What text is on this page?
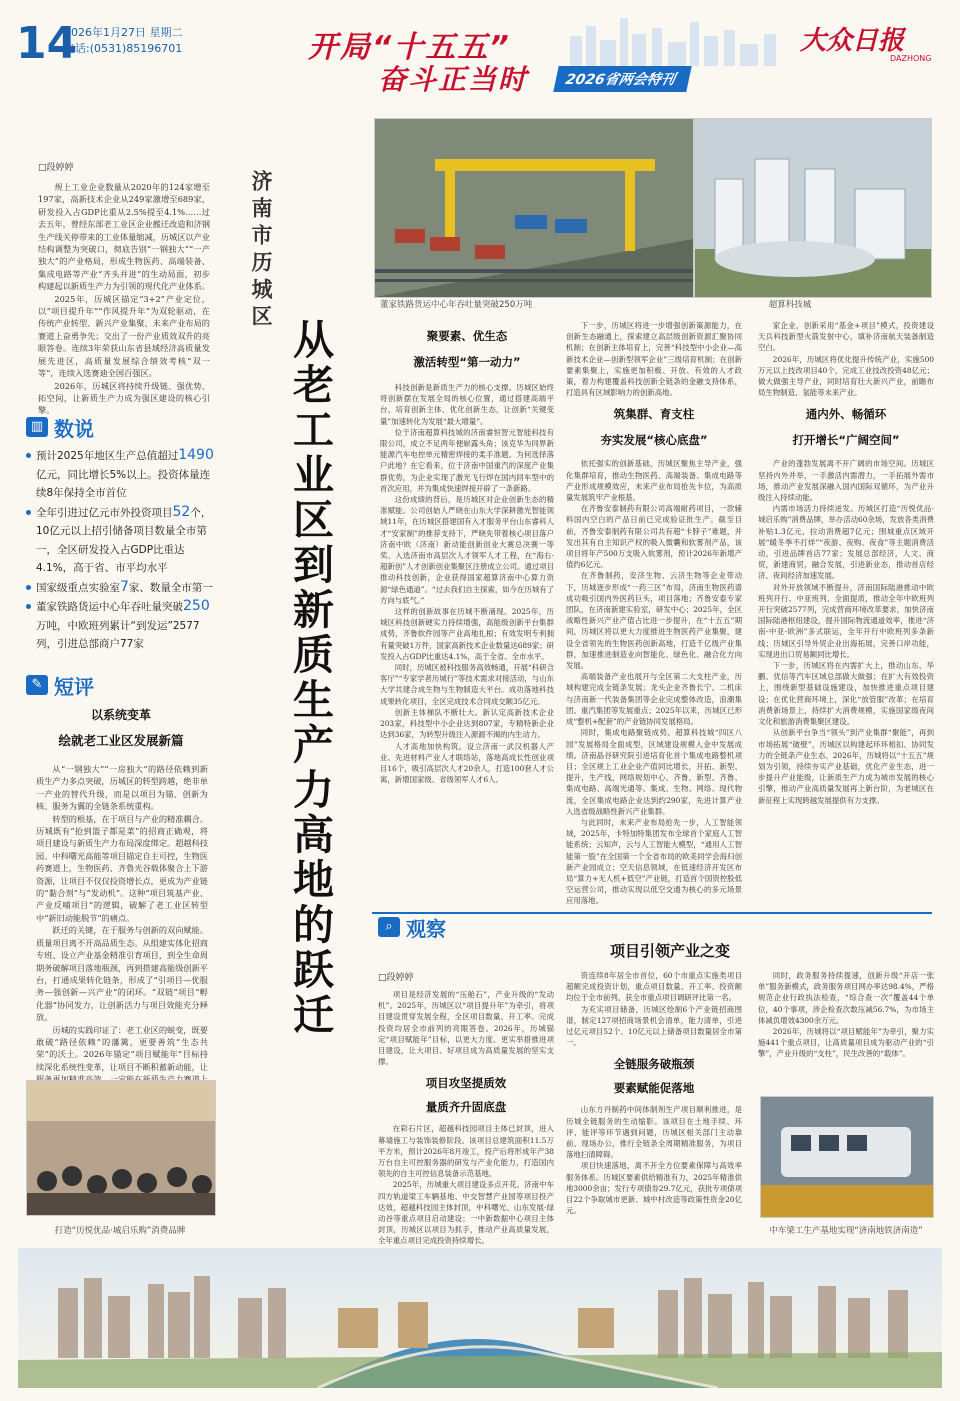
14
2026年1月27日 星期二
电话:(0531)85196701	开局“十五五”
奋斗正当时	2026省两会特刊
大众日报
DAZHONG
□段婷婷

规上工业企业数量从2020年的124家增至197家，高新技术企业从249家激增至689家，研发投入占GDP比重从2.5%提至4.1%……过去五年，曾经东部老工业区企业搬迁改造和济钢生产线关停带来的工业体量缩减，历城区以产业结构调整为突破口，彻底告别“一钢独大”“一产独大”的产业格局，形成生物医药、高端装备、集成电路等产业“齐头并进”的生动局面，初步构建起以新质生产力为引领的现代化产业体系。

2025年，历城区锚定“3+2”产业定位，以“项目提升年”“作风提升年”为双轮驱动，在传统产业转型、新兴产业集聚、未来产业布局的赛道上奋勇争先；交出了一份产业质效双升的亮眼答卷。连续3年荣获山东省县域经济高质量发展先进区，高质量发展综合绩效考核“双一等”，连续入选赛迪全国百强区。

2026年，历城区将持续升级链、强优势、拓空间，让新质生产力成为强区建设的核心引擎。

济南市历城区
从老工业区到新质生产力高地的跃迁
▥ 数说
预计2025年地区生产总值超过1490亿元，同比增长5%以上。投资体量连续8年保持全市首位
全年引进过亿元市外投资项目52个，10亿元以上招引储备项目数量全市第一，全区研发投入占GDP比重达4.1%，高于省、市平均水平
国家级重点实验室7家、数量全市第一
董家铁路货运中心年吞吐量突破250万吨，中欧班列累计“到发运”2577列，引进总部商户77家
✎ 短评
以系统变革
绘就老工业区发展新篇

从“一钢独大”“一房独大”的路径依赖到新质生产力多点突破，历城区的转型跨越，绝非单一产业的替代升级，而是以项目为锚、创新为核、服务为翼的全链条系统重构。

转型的根基，在于项目与产业的精准耦合。历城既有“抢到篮子都是菜”的招商正确观，将项目建设与新质生产力布局深度绑定。超越科技园、中科曙光高能等项目锚定自主可控，生物医药赛道上，生物医药、齐鲁光谷载体聚合上下游资源，让项目不仅仅投资增长点，更成为产业链的“黏合剂”与“发动机”。这种“项目筑基产业、产业反哺项目”的逻辑，破解了老工业区转型中“新旧动能脱节”的痛点。

跃迁的关键，在于服务与创新的双向赋能。质量项目离不开高品质生态。从组建实体化招商专班、设立产业基金精准引育项目，到全生命周期务破解项目落地瓶颈，再到搭建高能级创新平台，打通成果转化链条，形成了“引项目—优服务—强创新—兴产业”的闭环。“双链”项目“孵化器”协同发力，让创新活力与项目效能充分释放。

历城的实践印证了：老工业区的蜕变，既要敢破“路径依赖”的藩篱，更要善筑“生态共荣”的沃土。2026年锚定“项目赋能年”目标持续深化系统性变革，让项目不断积蓄新动能，让

董家铁路货运中心年吞吐量突破250万吨	超算科技城
聚要素、优生态
激活转型“第一动力”

科技创新是新质生产力的核心支撑。历城区始终将创新摆在发展全局的核心位置，通过搭建高端平台、培育创新主体、优化创新生态，让创新“关键变量”加速转化为发展“最大增量”。

位于济南超算科技城的济南睿恒智元智能科技有限公司，成立不足两年便崭露头角；该克华为同界新能源汽车电控单元精密焊接的柔手准题。为何选择落户此地？在它看来，位于济南中国重汽的深度产业集群优势，为企业实现了激光飞行焊在国内同车型中的首次应用，并为集成快速焊接开辟了一条新路。

这份成绩的背后，是历城区对企业创新生态的精准赋能。公司创始人严晓在山东大学深耕激光智能领域11年，在历城区搭建国有入才服务平台山东睿科人才“安家制”的推荐支持下，严晓先带着核心项目落户济南中欧（济南）新动能创新创业大赛总决赛一等奖、入选济南市高层次人才领军人才工程，在“海右·超新创”人才创新创业集聚区注册成立公司。通过项目推动科技创新，企业获得国家超算济南中心算力资源“绿色通道”。“过去我们自主探索，如今在历城有了方向与底气。”

这样的创新故事在历城不断涌现。2025年，历城区科技创新硬实力持续增强，高能级创新平台集群成势，齐鲁软件园等产业高地扎根；有效发明专利拥有量突破1万件，国家高新技术企业数量达689家；研发投入占GDP比重达4.1%，高于全省、全市水平。

同时，历城区被科技服务高效畅通，开展“科研合客厅”“专家学者历城行”等技术需求对接活动，与山东大学共建合成生物与生物制造大平台。成功落地科技成果转化项目，全区完成技术合同成交额35亿元。

创新主体梯队不断壮大。新认定高新技术企业203家，科技型中小企业达到807家，专精特新企业达到36家，为转型升级注入源源不竭的内生动力。

人才高地加快构筑。设立济南一武汉机器人产业、先进材料产业人才联络站，落地高成长性创业项目16个，吸引高层次人才20余人，打造100套人才公寓，新增国家级、省级领军人才6人。

下一步，历城区将进一步增强创新策源能力，在创新生态融通上，探索建立高层级创新资源汇聚协同机制；在创新主体培育上，完善“科技型中小企业—高新技术企业—创新型领军企业”三级培育机制；在创新要素集聚上，实施更加积极、开放、有效的人才政策，着力构建覆盖科技创新全链条的金融支持体系，打造具有区域影响力的创新高地。

筑集群、育支柱
夯实发展“核心底盘”

依托强实的创新基础，历城区聚焦主导产业，强化集群培育，推动生物医药、高端装备、集成电路等产业形成规模效应，未来产业布局抢先卡位，为高质量发展筑牢产业根基。

在齐鲁安泰制药有限公司高端耐药项目，一款辅料国内空白的产品日前已完成验证批生产。截至目前，齐鲁安泰制药有限公司共有超“卡脖子”难题，并发出其有自主知识产权的吸入微囊和软雾剂产品，该项目将年产500万支吸入软雾剂，预计2026年新增产值约6亿元。

在齐鲁制药，安济生物、云济生物等企业带动下，历城逐步形成“一药三区”布局，济南生物医药谱成功吸引国内外医药巨头，项目落地；齐鲁安泰专家团队，在济南新建实验室，研发中心；2025年，全区战略性新兴产业产值占比进一步提升，在“十五五”期间，历城区将以更大力度推进生物医药产业集聚，建设全省领先的生物医药创新高地，打造千亿级产业集群，加速推进制造业向智能化、绿色化、融合化方向发展。

高端装备产业也展开与全区第二大支柱产业，历城构建完成全链条发展；龙头企业齐鲁长宁、二机床与济南新一代装备集团等企业完成整体改造，浪潮集团、重汽集团等发展重点；2025年以来，历城区已形成“整机+配套”的产业链协同发展格局。

同时，集成电路聚链成势。超算科技城“四区八园”发展格局全面成型，区域建设规模入金中发展成绩。济南晶谷研究院引进培育化首个集成电路整机项目；全区规上工业企业产值同比增长，开拓、新型、提升，生产线，网络规划中心、齐鲁、新型、齐鲁、集成电路、高端光通等、集成、生物、网络、现代物流，全区集成电路企业达到约290家，先进计算产业入选省级战略性新兴产业集群。

与此同时，未来产业布局抢先一步，人工智能领域，2025年，卡特加特集团发布全球首个家庭人工智能系统；云知声，云与人工智能大模型，“通用人工智能第一股”在全国第一个全省布局的欧美同学会海归创新产业园成立；空天信息领域，在低速经济开发区布局“算力+无人机+低空”产业链，打造首个国资控股低空运营公司，推动实现以低空交通为核心的多元场景应用落地。

家企业，创新采用“基金+项目”模式，投资建设天兵科技新型火箭发射中心，填补济南航天装备制造空白。

2026年，历城区将优化提升传统产业，实施500万元以上技改项目40个，完成工业技改投资48亿元；做大做强主导产业，同时培育壮大新兴产业，前瞻布局生物制造、氢能等未来产业。

通内外、畅循环
打开增长“广阔空间”

产业的蓬勃发展离不开广阔的市场空间。历城区坚持内外并举，一手激活内需潜力，一手拓展外需市场，推动产业发展深融入国内国际双循环，为产业升级注入持续动能。

内需市场活力持续迸发。历城区打造“历悦优品·城启乐购”消费品牌，举办活动60余场，发放各类消费补贴1.3亿元，拉动消费超7亿元；围城重点区域开展“暖冬季不打烊”“夜游、夜购、夜食”等主题消费活动，引进品牌首店77家；发展总部经济，人文、商贸，新建商贸，融合发展，引进新业态，推动首店经济、夜间经济加速发展。

对外开放领域不断提升，济南国际陆港推动中欧班列开行、中亚班列、全面提质，推动全年中欧班列开行突破2577列，完成营商环境改革要求，加快济南国际陆港枢纽建设，提升国际物流通道效率，推进“济南-中亚-欧洲”多式联运，全年开行中欧班列多条新线；历城区引导外贸企业出海拓展，完善口岸功能，实现进出口贸易额同比增长。

下一步，历城区将在内需扩大上，推动山东、华鹏、优信等汽车区域总部做大做强；在扩大有效投资上，围绕新型基础设施建设，加快推进重点项目建设；在优化营商环境上，深化“放管服”改革；在培育消费新场景上，持续扩大消费规模，实施国家级夜间文化和旅游消费集聚区建设。

从创新平台争当“领头”到产业集群“聚能”，再到市场拓展“破壁”，历城区以构建起环环相扣、协同发力的全链条产业生态。2026年，历城将以“十五五”规划为引领，持续夯实产业基础，优化产业生态，进一步提升产业能级，让新质生产力成为城市发展的核心引擎，推动产业高质量发展再上新台阶，为老城区在新征程上实现跨越发展提供有力支撑。

⌕ 观察
项目引领产业之变
□段婷婷

项目是经济发展的“压舱石”，产业升级的“发动机”。2025年，历城区以“项目提升年”为牵引，将项目建设贯穿发展全程，全区项目数量、开工率、完成投资均居全市前列的亮眼答卷。2026年，历城锚定“项目赋能年”目标，以更大力度、更实举措推进项目建设，让大项目、好项目成为高质量发展的坚实支撑。

项目攻坚提质效
量质齐升固底盘

在彩石片区，超越科技园项目主体已封顶，进入幕墙施工与装饰装修阶段。该项目总建筑面积11.5万平方米，预计2026年8月竣工，投产后将形成年产38万台自主可控服务器的研发与产业化能力，打造国内领先的自主可控信息装备示范基地。

2025年，历城重大项目建设多点开花。济南中车四方轨道梁工车辆基地、中交智慧产业园等项目投产达效，超越科技园主体封顶，中科曙光、山东发展·绿动谷等重点项目启动建设；一中新数据中心项目主体封顶，历城区以项目为抓手，推动产业高质量发展，全年重点项目完成投资持续增长。

资连续8年居全市首位，60个市重点实施类项目超额完成投资计划，重点项目数量、开工率、投资额均位于全市前列，获全市重点项目调研评比第一名。

为充实项目储备，历城区绘制6个产业链招商图谱，制定127项招商场景机会清单，能力清单，引进过亿元项目52个、10亿元以上储备项目数量居全市第一。

全链服务破瓶颈
要素赋能促落地

山东方丹制药中间体制剂生产项目顺利推进，是历城全链服务的生动缩影。该项目在土地手续、环评、能评等环节遇到问题，历城区相关部门主动靠前、现场办公，推行全链条全周期精准服务，为项目落地扫清障碍。

项目快速落地，离不开全方位要素保障与高效率服务体系。历城区要素供给精准有力，2025年精准供地3000余亩；发行专项债券29.7亿元，获批专项债项目22个争取城市更新、城中村改造等政策性资金20亿元。

同时，政务服务持续提速，创新升级“开店一张单”服务新模式，政务服务项目网办率达98.4%，严格规范企业行政执法检查，“综合查一次”覆盖44个单位，40个事项，涉企检查次数压减56.7%，为市场主体减负增效4300余万元。

2026年，历城将以“项目赋能年”为牵引，聚力实施441个重点项目，让高质量项目成为驱动产业的“引擎”，产业升级的“支柱”，民生改善的“载体”。

打造“历悦优品·城启乐购”消费品牌	中车梁工生产基地实现“济南地铁济南造”
